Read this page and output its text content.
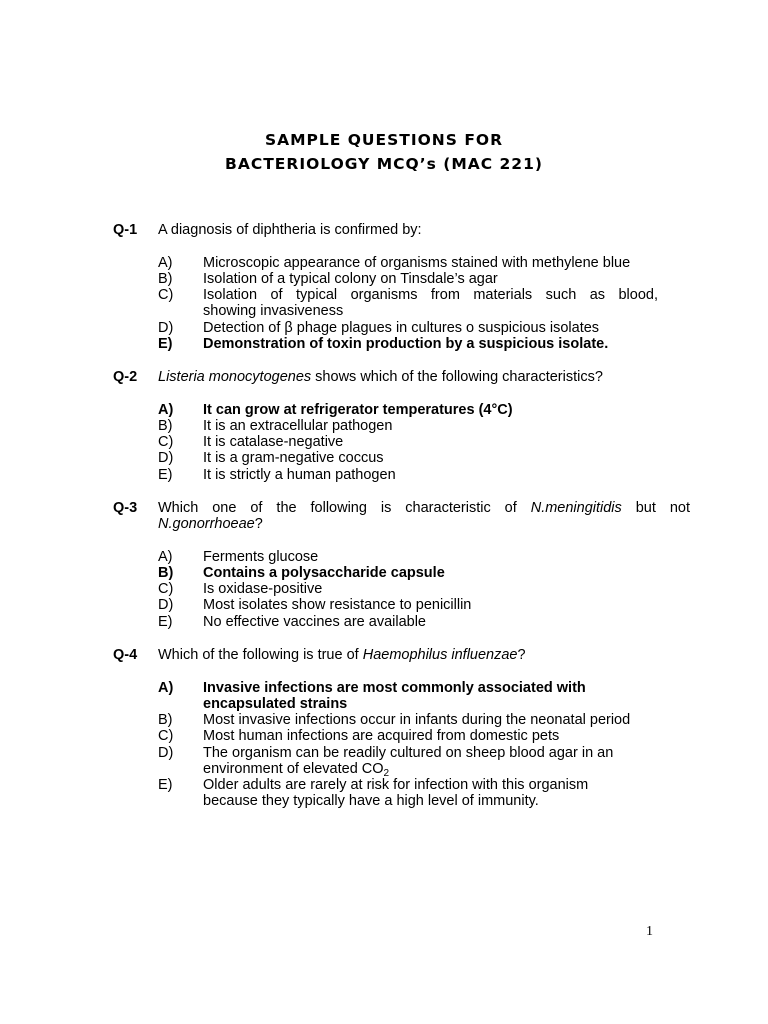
SAMPLE QUESTIONS FOR
BACTERIOLOGY MCQ’s (MAC 221)
Q-1 A diagnosis of diphtheria is confirmed by:
A) Microscopic appearance of organisms stained with methylene blue
B) Isolation of a typical colony on Tinsdale’s agar
C) Isolation of typical organisms from materials such as blood,
showing invasiveness
D) Detection of β phage plagues in cultures o suspicious isolates
E) Demonstration of toxin production by a suspicious isolate.
Q-2 Listeria monocytogenes shows which of the following characteristics?
A) It can grow at refrigerator temperatures (4°C)
B) It is an extracellular pathogen
C) It is catalase-negative
D) It is a gram-negative coccus
E) It is strictly a human pathogen
Q-3 Which one of the following is characteristic of N.meningitidis but not
N.gonorrhoeae?
A) Ferments glucose
B) Contains a polysaccharide capsule
C) Is oxidase-positive
D) Most isolates show resistance to penicillin
E) No effective vaccines are available
Q-4 Which of the following is true of Haemophilus influenzae?
A) Invasive infections are most commonly associated with
encapsulated strains
B) Most invasive infections occur in infants during the neonatal period
C) Most human infections are acquired from domestic pets
D) The organism can be readily cultured on sheep blood agar in an
environment of elevated $CO_2$
E) Older adults are rarely at risk for infection with this organism
because they typically have a high level of immunity.
1
